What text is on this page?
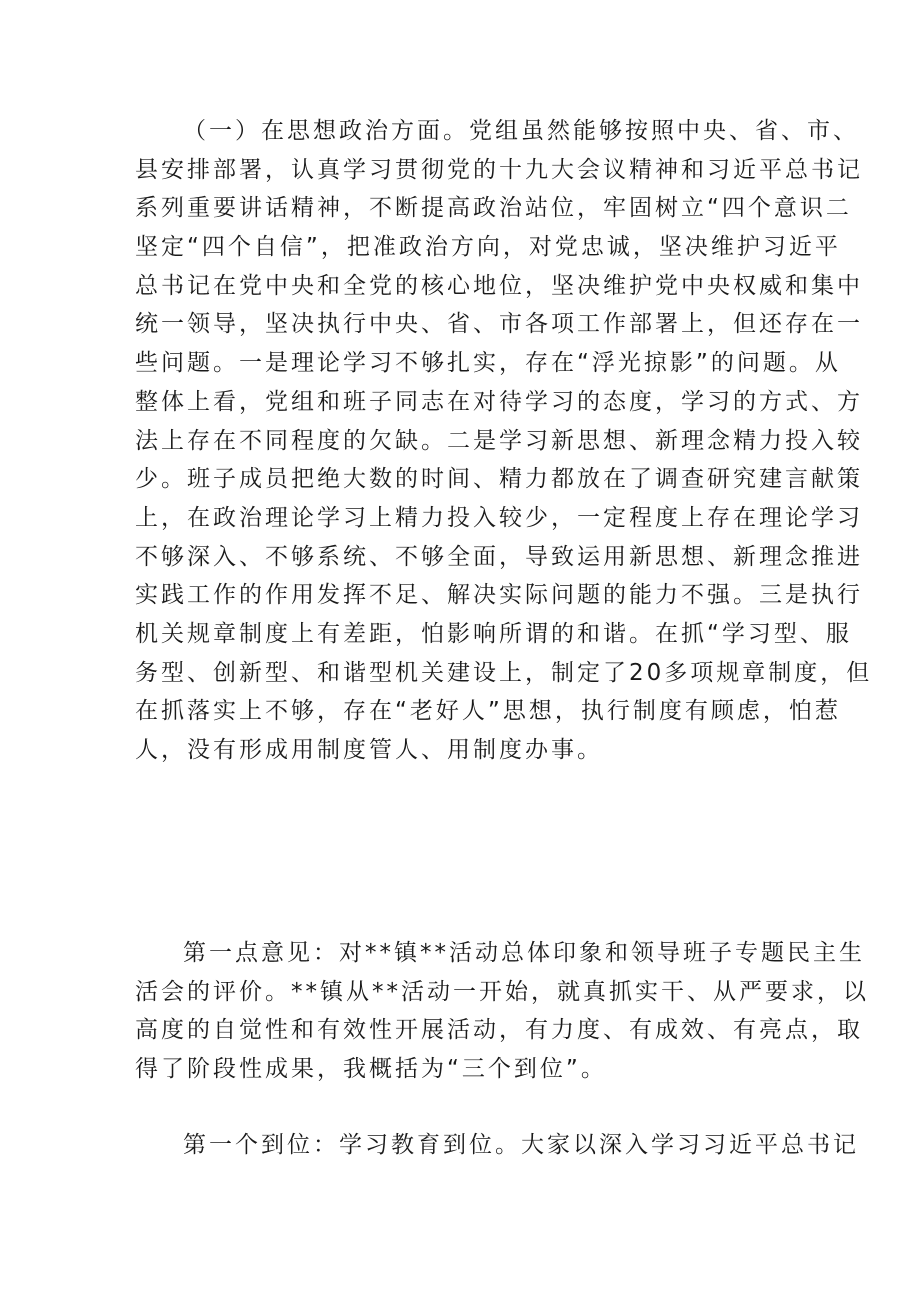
（一）在思想政治方面。党组虽然能够按照中央、省、市、
县安排部署，认真学习贯彻党的十九大会议精神和习近平总书记
系列重要讲话精神，不断提高政治站位，牢固树立“四个意识二
坚定“四个自信”，把准政治方向，对党忠诚，坚决维护习近平
总书记在党中央和全党的核心地位，坚决维护党中央权威和集中
统一领导，坚决执行中央、省、市各项工作部署上，但还存在一
些问题。一是理论学习不够扎实，存在“浮光掠影”的问题。从
整体上看，党组和班子同志在对待学习的态度，学习的方式、方
法上存在不同程度的欠缺。二是学习新思想、新理念精力投入较
少。班子成员把绝大数的时间、精力都放在了调查研究建言献策
上，在政治理论学习上精力投入较少，一定程度上存在理论学习
不够深入、不够系统、不够全面，导致运用新思想、新理念推进
实践工作的作用发挥不足、解决实际问题的能力不强。三是执行
机关规章制度上有差距，怕影响所谓的和谐。在抓“学习型、服
务型、创新型、和谐型机关建设上，制定了20多项规章制度，但
在抓落实上不够，存在“老好人”思想，执行制度有顾虑，怕惹
人，没有形成用制度管人、用制度办事。
第一点意见：对**镇**活动总体印象和领导班子专题民主生
活会的评价。**镇从**活动一开始，就真抓实干、从严要求，以
高度的自觉性和有效性开展活动，有力度、有成效、有亮点，取
得了阶段性成果，我概括为“三个到位”。
第一个到位：学习教育到位。大家以深入学习习近平总书记
